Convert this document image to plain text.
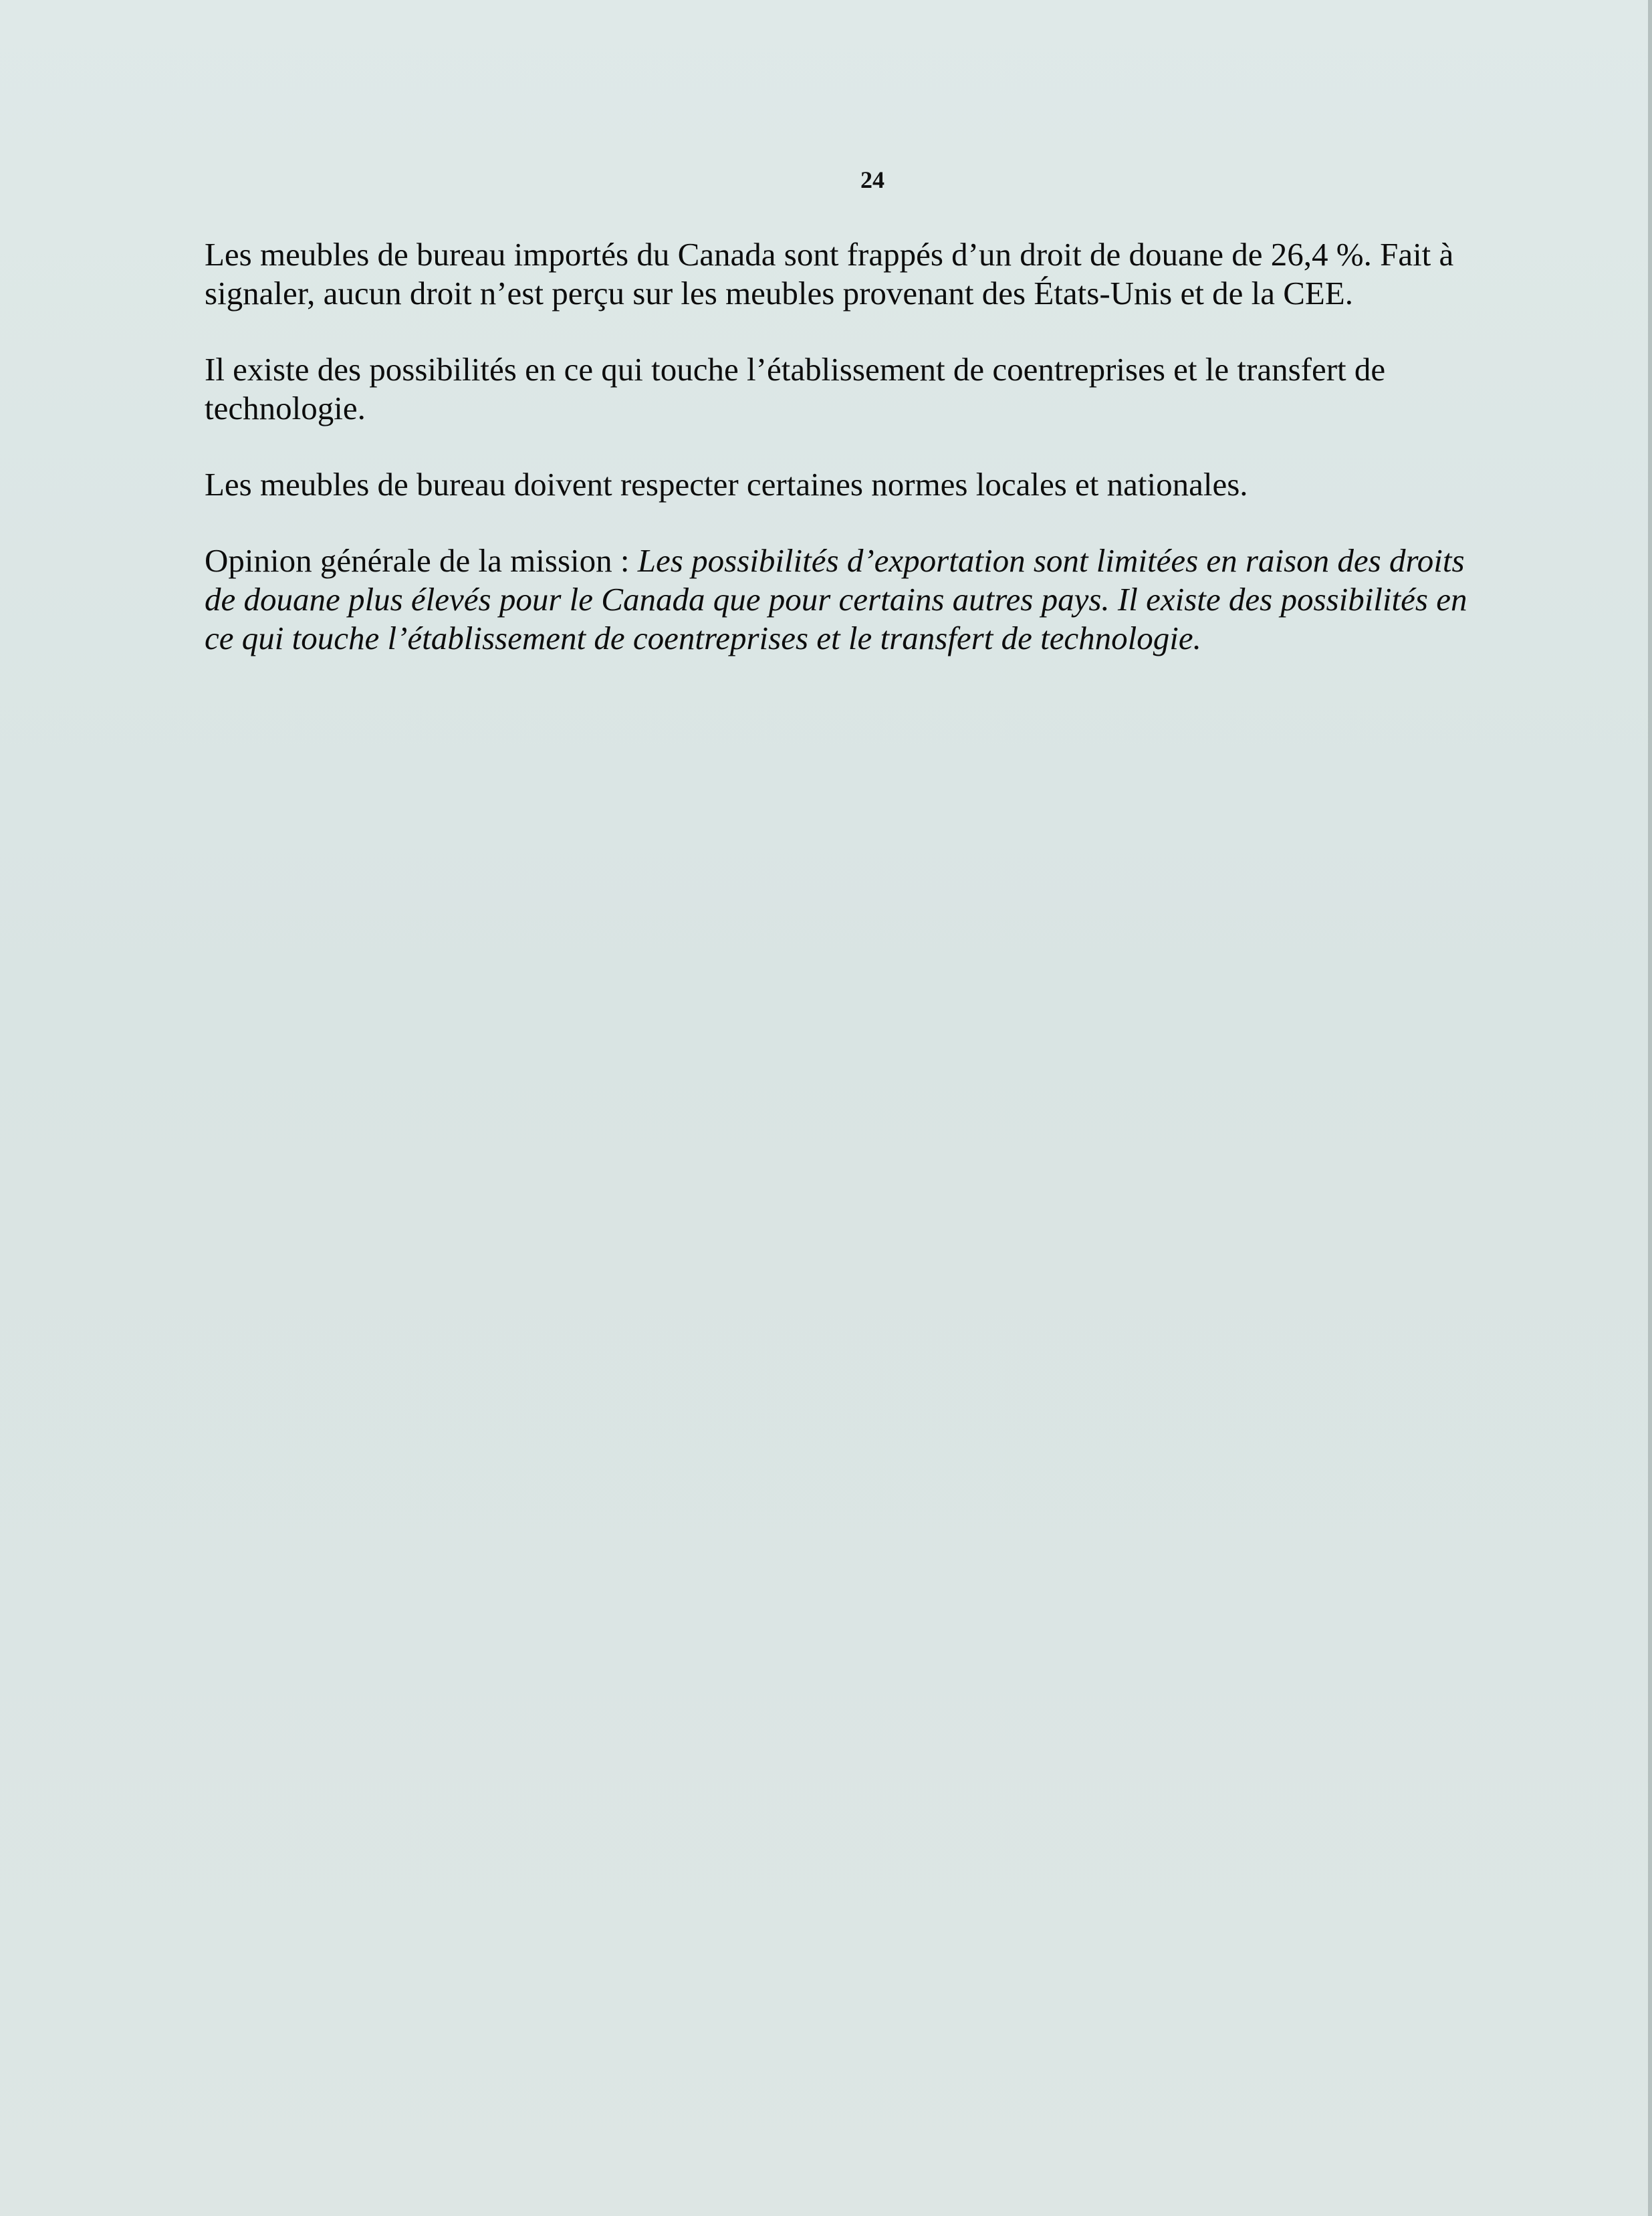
24

Les meubles de bureau importés du Canada sont frappés d’un droit de douane de 26,4 %. Fait à signaler, aucun droit n’est perçu sur les meubles provenant des États-Unis et de la CEE.

Il existe des possibilités en ce qui touche l’établissement de coentreprises et le transfert de technologie.

Les meubles de bureau doivent respecter certaines normes locales et nationales.

Opinion générale de la mission : Les possibilités d’exportation sont limitées en raison des droits de douane plus élevés pour le Canada que pour certains autres pays. Il existe des possibilités en ce qui touche l’établissement de coentreprises et le transfert de technologie.
